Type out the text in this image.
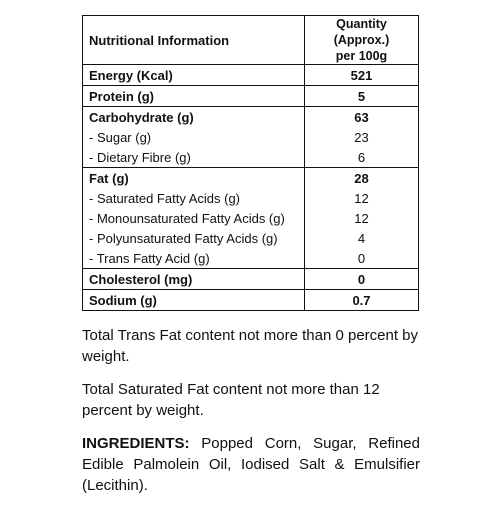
Nutritional Information	Quantity (Approx.)
per 100g

Energy (Kcal)	521
Protein (g)	5
Carbohydrate (g)	63
- Sugar (g)	23
- Dietary Fibre (g)	6
Fat (g)	28
- Saturated Fatty Acids (g)	12
- Monounsaturated Fatty Acids (g)	12
- Polyunsaturated Fatty Acids (g)	4
- Trans Fatty Acid (g)	0
Cholesterol (mg)	0
Sodium (g)	0.7

Total Trans Fat content not more than 0 percent by weight.

Total Saturated Fat content not more than 12 percent by weight.

INGREDIENTS: Popped Corn, Sugar, Refined Edible Palmolein Oil, Iodised Salt & Emulsifier (Lecithin).
